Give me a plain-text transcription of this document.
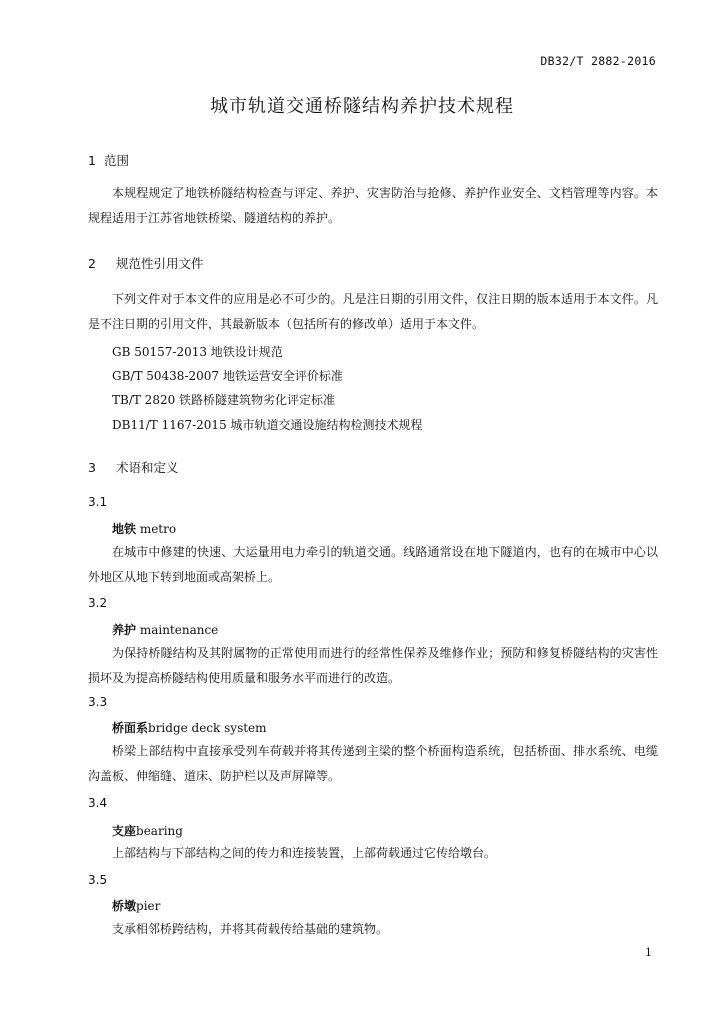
DB32/T 2882-2016
城市轨道交通桥隧结构养护技术规程
1 范围
本规程规定了地铁桥隧结构检查与评定、养护、灾害防治与抢修、养护作业安全、文档管理等内容。本规程适用于江苏省地铁桥梁、隧道结构的养护。
2 规范性引用文件
下列文件对于本文件的应用是必不可少的。凡是注日期的引用文件，仅注日期的版本适用于本文件。凡是不注日期的引用文件，其最新版本（包括所有的修改单）适用于本文件。
GB 50157-2013 地铁设计规范
GB/T 50438-2007 地铁运营安全评价标准
TB/T 2820 铁路桥隧建筑物劣化评定标准
DB11/T 1167-2015 城市轨道交通设施结构检测技术规程
3 术语和定义
3.1
地铁 metro
在城市中修建的快速、大运量用电力牵引的轨道交通。线路通常设在地下隧道内，也有的在城市中心以外地区从地下转到地面或高架桥上。
3.2
养护 maintenance
为保持桥隧结构及其附属物的正常使用而进行的经常性保养及维修作业；预防和修复桥隧结构的灾害性损坏及为提高桥隧结构使用质量和服务水平而进行的改造。
3.3
桥面系bridge deck system
桥梁上部结构中直接承受列车荷载并将其传递到主梁的整个桥面构造系统，包括桥面、排水系统、电缆沟盖板、伸缩缝、道床、防护栏以及声屏障等。
3.4
支座bearing
上部结构与下部结构之间的传力和连接装置，上部荷载通过它传给墩台。
3.5
桥墩pier
支承相邻桥跨结构，并将其荷载传给基础的建筑物。
1
